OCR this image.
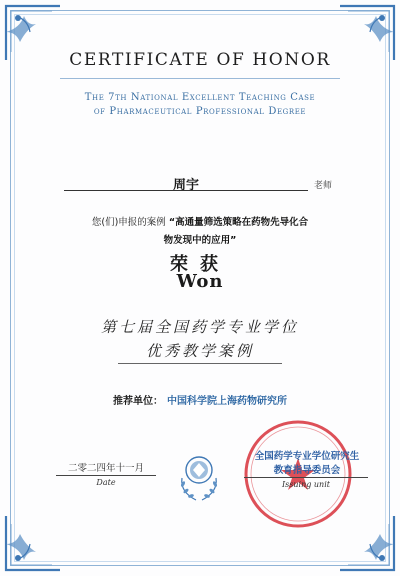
CERTIFICATE OF HONOR
The 7th National Excellent Teaching Case
of Pharmaceutical Professional Degree
周宇	老师
您(们)申报的案例 “高通量筛选策略在药物先导化合
物发现中的应用”
荣获
Won
第七届全国药学专业学位
优秀教学案例
推荐单位： 中国科学院上海药物研究所
二零二四年十一月
Date
全国药学专业学位研究生
教育指导委员会
Issuing unit
